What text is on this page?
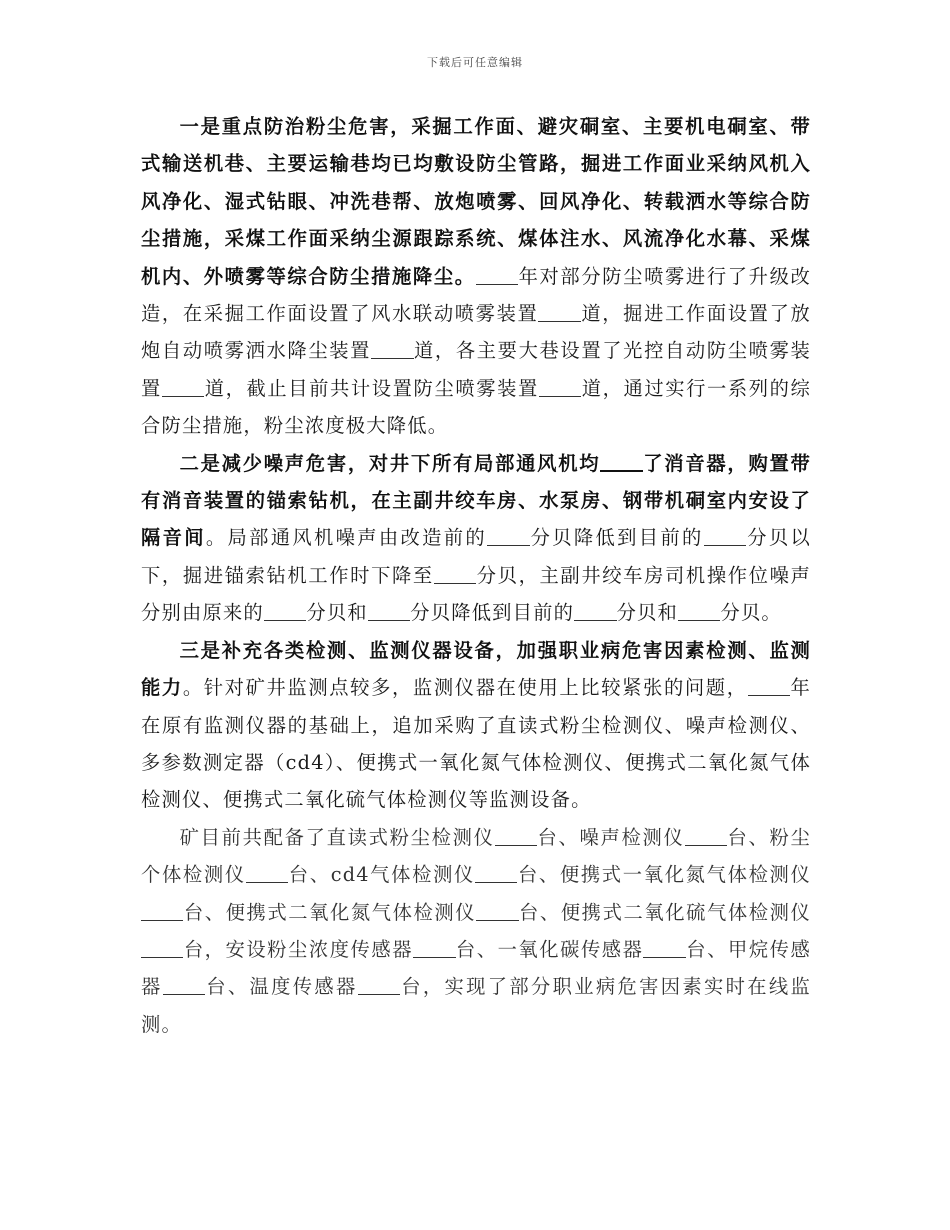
下载后可任意编辑

一是重点防治粉尘危害，采掘工作面、避灾硐室、主要机电硐室、带式输送机巷、主要运输巷均已均敷设防尘管路，掘进工作面业采纳风机入风净化、湿式钻眼、冲洗巷帮、放炮喷雾、回风净化、转载洒水等综合防尘措施，采煤工作面采纳尘源跟踪系统、煤体注水、风流净化水幕、采煤机内、外喷雾等综合防尘措施降尘。 年对部分防尘喷雾进行了升级改造，在采掘工作面设置了风水联动喷雾装置 道，掘进工作面设置了放炮自动喷雾洒水降尘装置 道，各主要大巷设置了光控自动防尘喷雾装置 道，截止目前共计设置防尘喷雾装置 道，通过实行一系列的综合防尘措施，粉尘浓度极大降低。

二是减少噪声危害，对井下所有局部通风机均 了消音器，购置带有消音装置的锚索钻机，在主副井绞车房、水泵房、钢带机硐室内安设了隔音间。局部通风机噪声由改造前的 分贝降低到目前的 分贝以下，掘进锚索钻机工作时下降至 分贝，主副井绞车房司机操作位噪声分别由原来的 分贝和 分贝降低到目前的 分贝和 分贝。

三是补充各类检测、监测仪器设备，加强职业病危害因素检测、监测能力。针对矿井监测点较多，监测仪器在使用上比较紧张的问题， 年在原有监测仪器的基础上，追加采购了直读式粉尘检测仪、噪声检测仪、多参数测定器（cd4）、便携式一氧化氮气体检测仪、便携式二氧化氮气体检测仪、便携式二氧化硫气体检测仪等监测设备。

矿目前共配备了直读式粉尘检测仪 台、噪声检测仪 台、粉尘个体检测仪 台、cd4气体检测仪 台、便携式一氧化氮气体检测仪台、便携式二氧化氮气体检测仪 台、便携式二氧化硫气体检测仪台，安设粉尘浓度传感器 台、一氧化碳传感器 台、甲烷传感器 台、温度传感器 台，实现了部分职业病危害因素实时在线监测。
